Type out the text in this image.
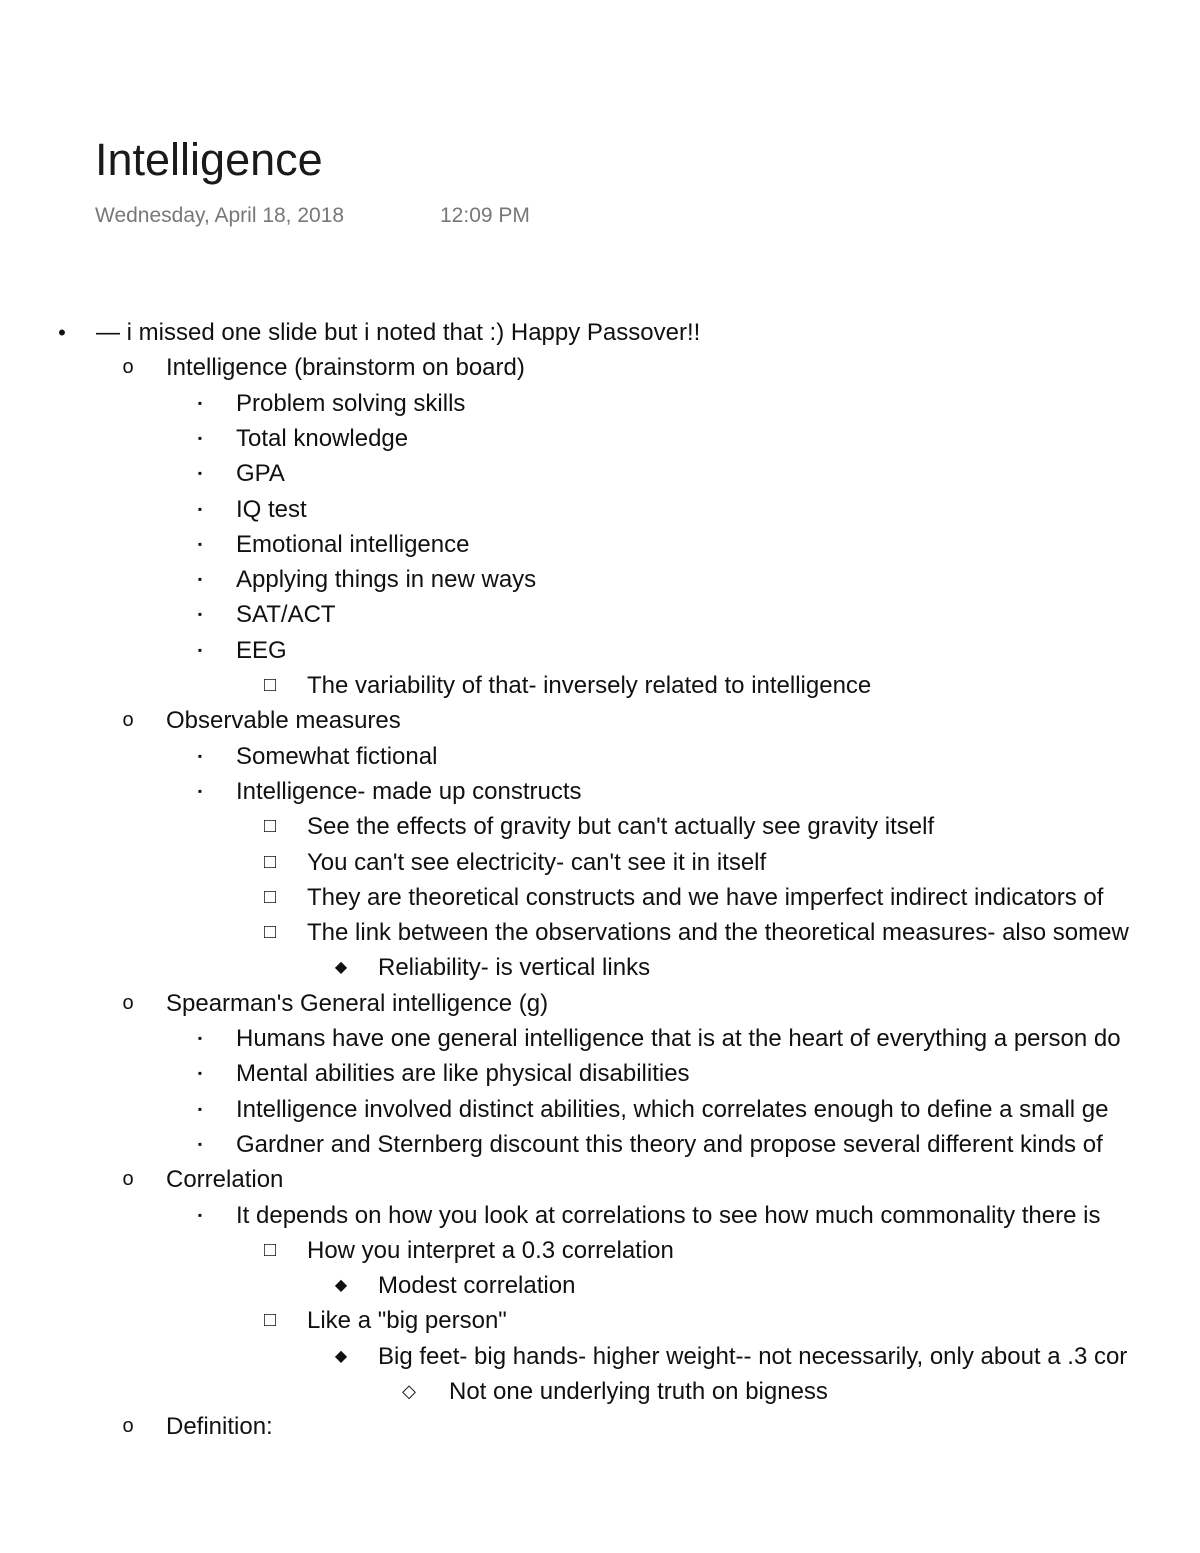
Intelligence
Wednesday, April 18, 2018	12:09 PM
•	— i missed one slide but i noted that :) Happy Passover!!
o Intelligence (brainstorm on board)
▪	Problem solving skills
▪	Total knowledge
▪	GPA
▪	IQ test
▪	Emotional intelligence
▪	Applying things in new ways
▪	SAT/ACT
▪	EEG
□ The variability of that- inversely related to intelligence
o Observable measures
▪	Somewhat fictional
▪	Intelligence- made up constructs
□ See the effects of gravity but can't actually see gravity itself
□ You can't see electricity- can't see it in itself
□ They are theoretical constructs and we have imperfect indirect indicators of
□ The link between the observations and the theoretical measures- also somew
◆ Reliability- is vertical links
o Spearman's General intelligence (g)
▪	Humans have one general intelligence that is at the heart of everything a person do
▪	Mental abilities are like physical disabilities
▪	Intelligence involved distinct abilities, which correlates enough to define a small ge
▪	Gardner and Sternberg discount this theory and propose several different kinds of
o Correlation
▪	It depends on how you look at correlations to see how much commonality there is
□ How you interpret a 0.3 correlation
◆ Modest correlation
□ Like a "big person"
◆ Big feet- big hands- higher weight-- not necessarily, only about a .3 cor
◇ Not one underlying truth on bigness
o Definition:
